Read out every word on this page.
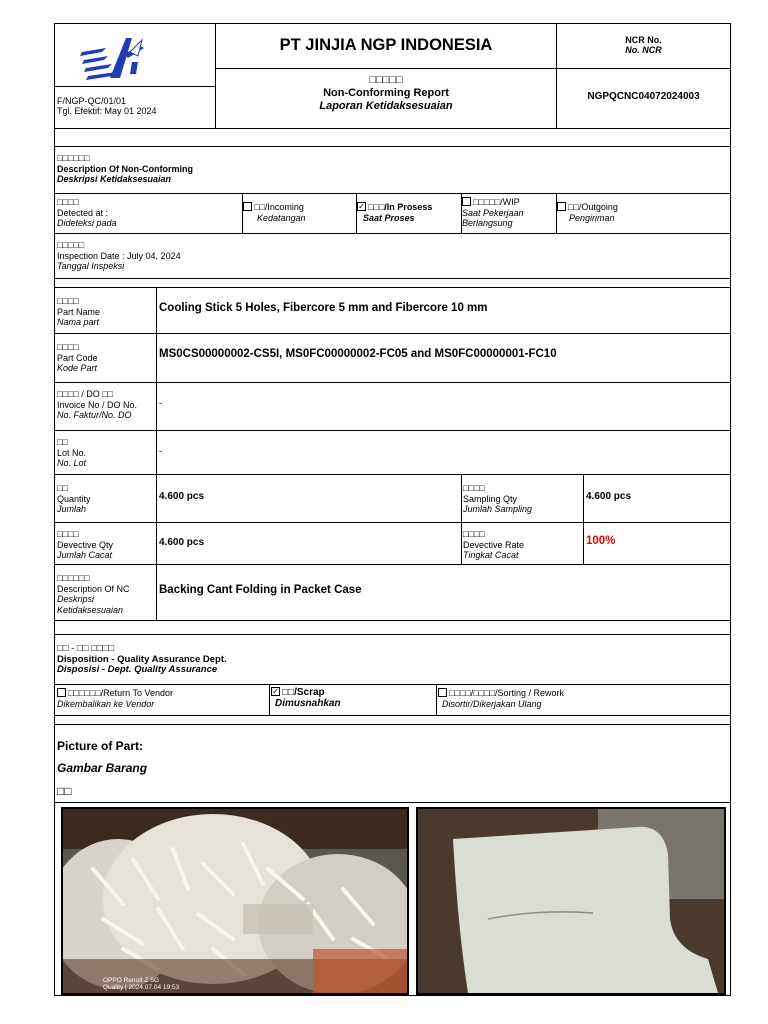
F/NGP-QC/01/01
Tgl. Efektif: May 01 2024
PT JINJIA NGP INDONESIA
□□□□□
Non-Conforming Report
Laporan Ketidaksesuaian
NCR No.
No. NCR
NGPQCNC04072024003
□□□□□□
Description Of Non-Conforming
Deskripsi Ketidaksesuaian
□□□□
Detected at :
Dideteksi pada
□□/Incoming
Kedatangan
✓ □□□/In Prosess
Saat Proses
□□□□□/WIP
Saat Pekerjaan
Berlangsung
□□/Outgoing
Pengiriman
□□□□□
Inspection Date : July 04, 2024
Tanggal Inspeksi
□□□□
Part Name
Nama part
Cooling Stick 5 Holes, Fibercore 5 mm and Fibercore 10 mm
□□□□
Part Code
Kode Part
MS0CS00000002-CS5I, MS0FC00000002-FC05 and MS0FC00000001-FC10
□□□□ / DO □□
Invoice No / DO No.
No. Faktur/No. DO
-
□□
Lot No.
No. Lot
-
□□
Quantity
Jumlah
4.600 pcs
□□□□
Sampling Qty
Jumlah Sampling
4.600 pcs
□□□□
Devective Qty
Jumlah Cacat
4.600 pcs
□□□□
Devective Rate
Tingkat Cacat
100%
□□□□□□
Description Of NC
Deskripsi
Ketidaksesuaian
Backing Cant Folding in Packet Case
□□ - □□ □□□□
Disposition - Quality Assurance Dept.
Disposisi - Dept. Quality Assurance
□□□□□□/Return To Vendor
Dikembalikan ke Vendor
✓ □□/Scrap
Dimusnahkan
□□□□/□□□□/Sorting / Rework
Disortir/Dikerjakan Ulang
Picture of Part:
Gambar Barang
□□
OPPO Reno8 Z 5G
Quality | 2024.07.04 19:53
